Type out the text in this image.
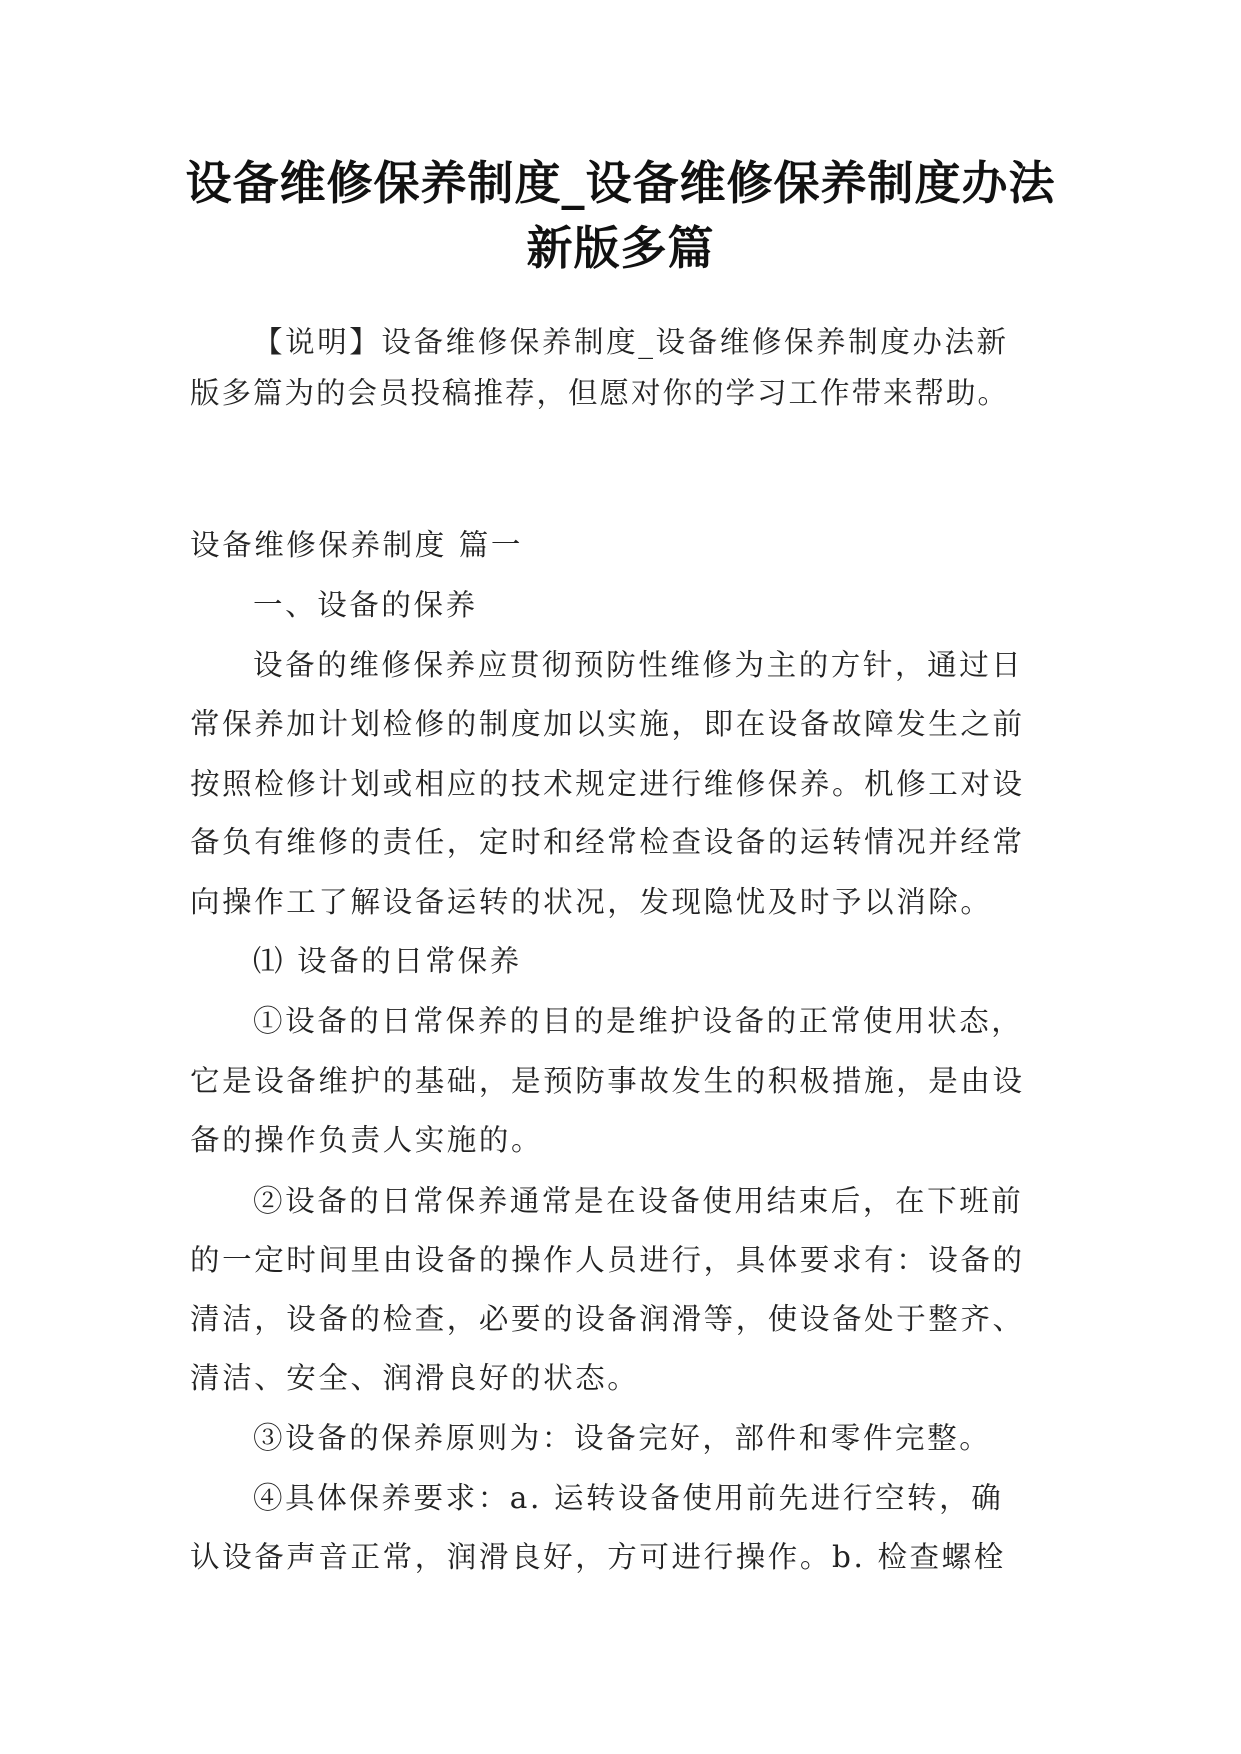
设备维修保养制度_设备维修保养制度办法
新版多篇
【说明】设备维修保养制度_设备维修保养制度办法新
版多篇为的会员投稿推荐，但愿对你的学习工作带来帮助。
设备维修保养制度 篇一
一、设备的保养
设备的维修保养应贯彻预防性维修为主的方针，通过日
常保养加计划检修的制度加以实施，即在设备故障发生之前
按照检修计划或相应的技术规定进行维修保养。机修工对设
备负有维修的责任，定时和经常检查设备的运转情况并经常
向操作工了解设备运转的状况，发现隐忧及时予以消除。
⑴ 设备的日常保养
①设备的日常保养的目的是维护设备的正常使用状态，
它是设备维护的基础，是预防事故发生的积极措施，是由设
备的操作负责人实施的。
②设备的日常保养通常是在设备使用结束后，在下班前
的一定时间里由设备的操作人员进行，具体要求有：设备的
清洁，设备的检查，必要的设备润滑等，使设备处于整齐、
清洁、安全、润滑良好的状态。
③设备的保养原则为：设备完好，部件和零件完整。
④具体保养要求：a. 运转设备使用前先进行空转，确
认设备声音正常，润滑良好，方可进行操作。b. 检查螺栓
